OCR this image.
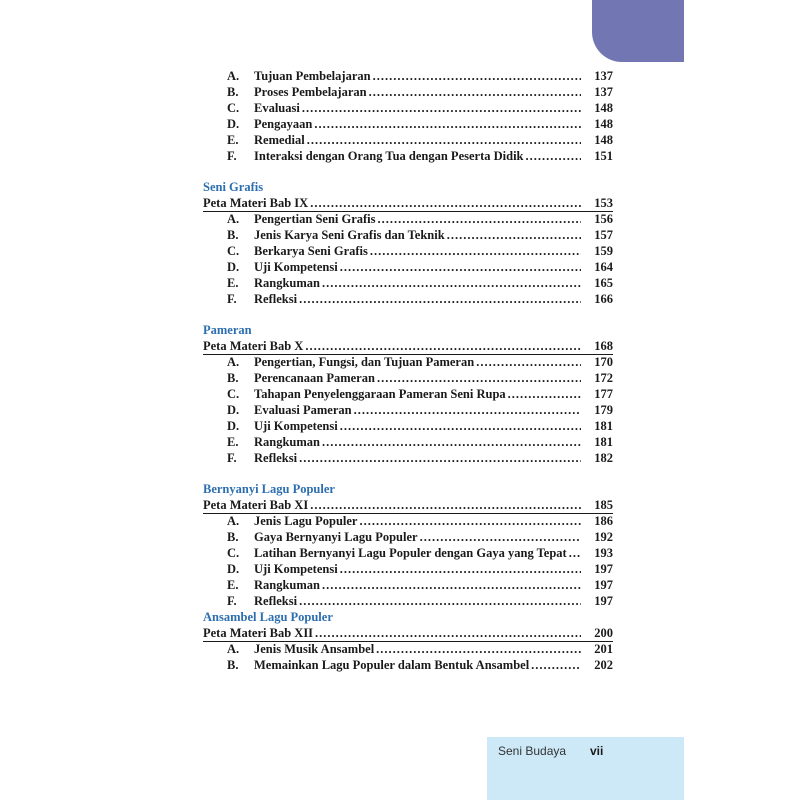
A.	Tujuan Pembelajaran .....	137
B.	Proses Pembelajaran .....	137
C.	Evaluasi .....	148
D.	Pengayaan .....	148
E.	Remedial .....	148
F.	Interaksi dengan Orang Tua dengan Peserta Didik .....	151
Seni Grafis
Peta Materi Bab IX .....	153
A.	Pengertian Seni Grafis .....	156
B.	Jenis Karya Seni Grafis dan Teknik .....	157
C.	Berkarya Seni Grafis .....	159
D.	Uji Kompetensi .....	164
E.	Rangkuman .....	165
F.	Refleksi .....	166
Pameran
Peta Materi Bab X .....	168
A.	Pengertian, Fungsi, dan Tujuan Pameran .....	170
B.	Perencanaan Pameran .....	172
C.	Tahapan Penyelenggaraan Pameran Seni Rupa .....	177
D.	Evaluasi Pameran .....	179
D.	Uji Kompetensi .....	181
E.	Rangkuman .....	181
F.	Refleksi .....	182
Bernyanyi Lagu Populer
Peta Materi Bab XI .....	185
A.	Jenis Lagu Populer .....	186
B.	Gaya Bernyanyi Lagu Populer .....	192
C.	Latihan Bernyanyi Lagu Populer dengan Gaya yang Tepat .....	193
D.	Uji Kompetensi .....	197
E.	Rangkuman .....	197
F.	Refleksi .....	197
Ansambel Lagu Populer
Peta Materi Bab XII .....	200
A.	Jenis Musik Ansambel .....	201
B.	Memainkan Lagu Populer dalam Bentuk Ansambel .....	202
Seni Budaya vii
